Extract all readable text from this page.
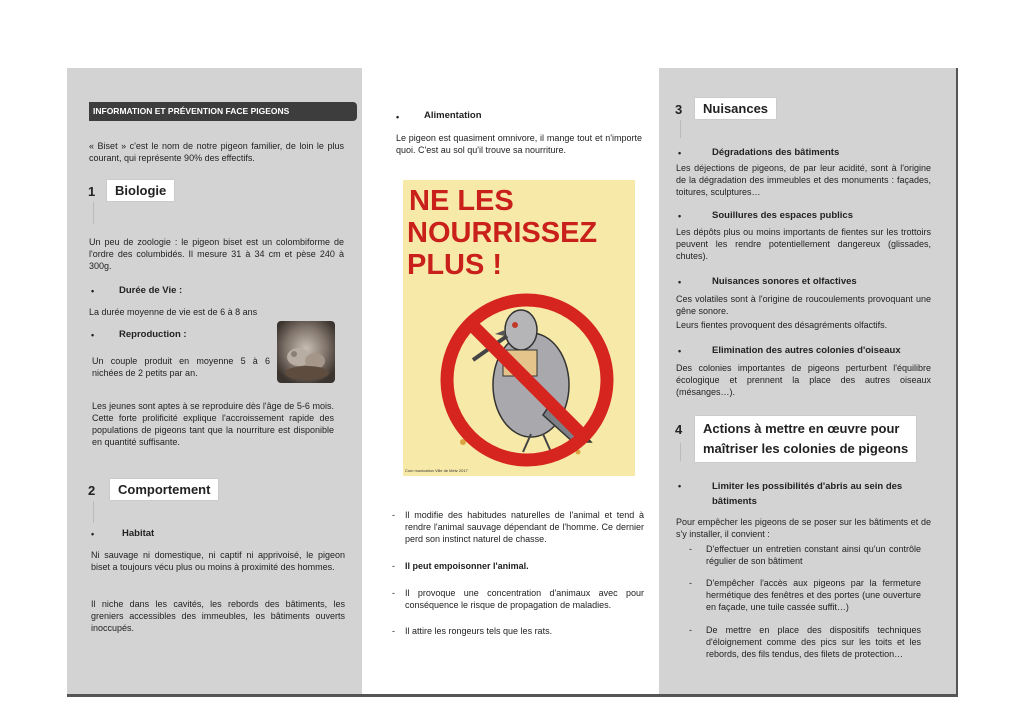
INFORMATION ET PRÉVENTION FACE PIGEONS
« Biset » c'est le nom de notre pigeon familier, de loin le plus courant, qui représente 90% des effectifs.
1	Biologie
Un peu de zoologie : le pigeon biset est un colombiforme de l'ordre des columbidés. Il mesure 31 à 34 cm et pèse 240 à 300g.
•	Durée de Vie :
La durée moyenne de vie est de 6 à 8 ans
•	Reproduction :
Un couple produit en moyenne 5 à 6 nichées de 2 petits par an.
Les jeunes sont aptes à se reproduire dès l'âge de 5-6 mois. Cette forte prolificité explique l'accroissement rapide des populations de pigeons tant que la nourriture est disponible en quantité suffisante.
2	Comportement
•	Habitat
Ni sauvage ni domestique, ni captif ni apprivoisé, le pigeon biset a toujours vécu plus ou moins à proximité des hommes.
Il niche dans les cavités, les rebords des bâtiments, les greniers accessibles des immeubles, les bâtiments ouverts inoccupés.
•	Alimentation
Le pigeon est quasiment omnivore, il mange tout et n'importe quoi. C'est au sol qu'il trouve sa nourriture.
NE LES
NOURRISSEZ
PLUS !
Com munication Ville de Metz 2017
- Il modifie des habitudes naturelles de l'animal et tend à rendre l'animal sauvage dépendant de l'homme. Ce dernier perd son instinct naturel de chasse.
- Il peut empoisonner l'animal.
- Il provoque une concentration d'animaux avec pour conséquence le risque de propagation de maladies.
- Il attire les rongeurs tels que les rats.
3	Nuisances
•	Dégradations des bâtiments
Les déjections de pigeons, de par leur acidité, sont à l'origine de la dégradation des immeubles et des monuments : façades, toitures, sculptures…
•	Souillures des espaces publics
Les dépôts plus ou moins importants de fientes sur les trottoirs peuvent les rendre potentiellement dangereux (glissades, chutes).
•	Nuisances sonores et olfactives
Ces volatiles sont à l'origine de roucoulements provoquant une gêne sonore.
Leurs fientes provoquent des désagréments olfactifs.
•	Elimination des autres colonies d'oiseaux
Des colonies importantes de pigeons perturbent l'équilibre écologique et prennent la place des autres oiseaux (mésanges…).
4 Actions à mettre en œuvre pour
maîtriser les colonies de pigeons
•	Limiter les possibilités d'abris au sein des bâtiments
Pour empêcher les pigeons de se poser sur les bâtiments et de s'y installer, il convient :
- D'effectuer un entretien constant ainsi qu'un contrôle régulier de son bâtiment
- D'empêcher l'accès aux pigeons par la fermeture hermétique des fenêtres et des portes (une ouverture en façade, une tuile cassée suffit…)
- De mettre en place des dispositifs techniques d'éloignement comme des pics sur les toits et les rebords, des fils tendus, des filets de protection…
